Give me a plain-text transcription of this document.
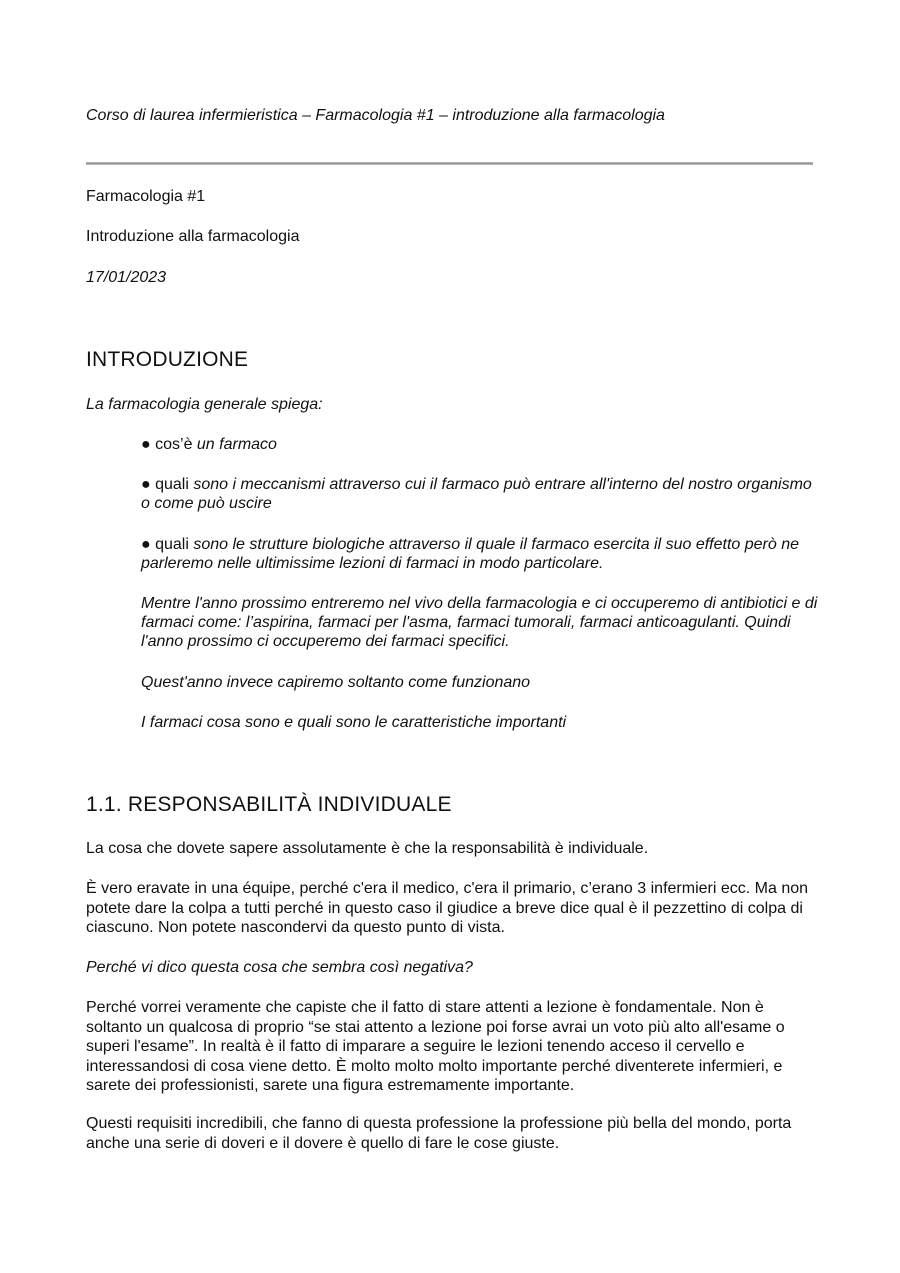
Corso di laurea infermieristica – Farmacologia #1 – introduzione alla farmacologia

Farmacologia #1

Introduzione alla farmacologia

17/01/2023

INTRODUZIONE

La farmacologia generale spiega:

● cos’è un farmaco

● quali sono i meccanismi attraverso cui il farmaco può entrare all'interno del nostro organismo o come può uscire

● quali sono le strutture biologiche attraverso il quale il farmaco esercita il suo effetto però ne parleremo nelle ultimissime lezioni di farmaci in modo particolare.

Mentre l'anno prossimo entreremo nel vivo della farmacologia e ci occuperemo di antibiotici e di farmaci come: l’aspirina, farmaci per l'asma, farmaci tumorali, farmaci anticoagulanti. Quindi l'anno prossimo ci occuperemo dei farmaci specifici.

Quest'anno invece capiremo soltanto come funzionano

I farmaci cosa sono e quali sono le caratteristiche importanti

1.1. RESPONSABILITÀ INDIVIDUALE

La cosa che dovete sapere assolutamente è che la responsabilità è individuale.

È vero eravate in una équipe, perché c'era il medico, c'era il primario, c’erano 3 infermieri ecc. Ma non potete dare la colpa a tutti perché in questo caso il giudice a breve dice qual è il pezzettino di colpa di ciascuno. Non potete nascondervi da questo punto di vista.

Perché vi dico questa cosa che sembra così negativa?

Perché vorrei veramente che capiste che il fatto di stare attenti a lezione è fondamentale. Non è soltanto un qualcosa di proprio “se stai attento a lezione poi forse avrai un voto più alto all'esame o superi l'esame”. In realtà è il fatto di imparare a seguire le lezioni tenendo acceso il cervello e interessandosi di cosa viene detto. È molto molto molto importante perché diventerete infermieri, e sarete dei professionisti, sarete una figura estremamente importante.

Questi requisiti incredibili, che fanno di questa professione la professione più bella del mondo, porta anche una serie di doveri e il dovere è quello di fare le cose giuste.
